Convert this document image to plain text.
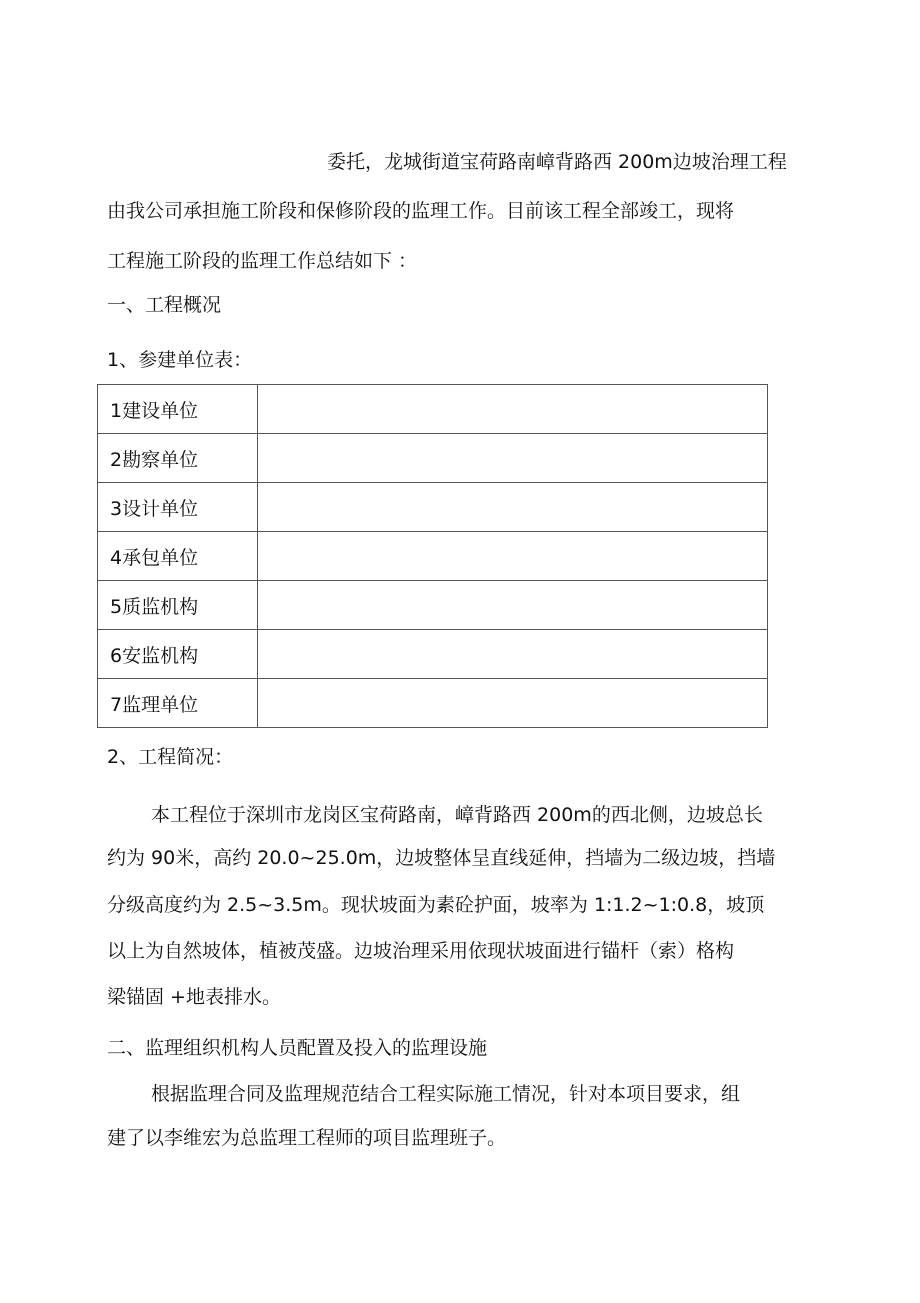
委托，龙城街道宝荷路南嶂背路西 200m边坡治理工程
由我公司承担施工阶段和保修阶段的监理工作。目前该工程全部竣工，现将
工程施工阶段的监理工作总结如下 ：
一、工程概况
1、参建单位表：
1建设单位	
2勘察单位	
3设计单位	
4承包单位	
5质监机构	
6安监机构	
7监理单位	
2、工程简况：
本工程位于深圳市龙岗区宝荷路南，嶂背路西 200m的西北侧，边坡总长
约为 90米，高约 20.0~25.0m，边坡整体呈直线延伸，挡墙为二级边坡，挡墙
分级高度约为 2.5~3.5m。现状坡面为素砼护面，坡率为 1:1.2~1:0.8，坡顶
以上为自然坡体，植被茂盛。边坡治理采用依现状坡面进行锚杆（索）格构
梁锚固 +地表排水。
二、监理组织机构人员配置及投入的监理设施
根据监理合同及监理规范结合工程实际施工情况，针对本项目要求，组
建了以李维宏为总监理工程师的项目监理班子。
